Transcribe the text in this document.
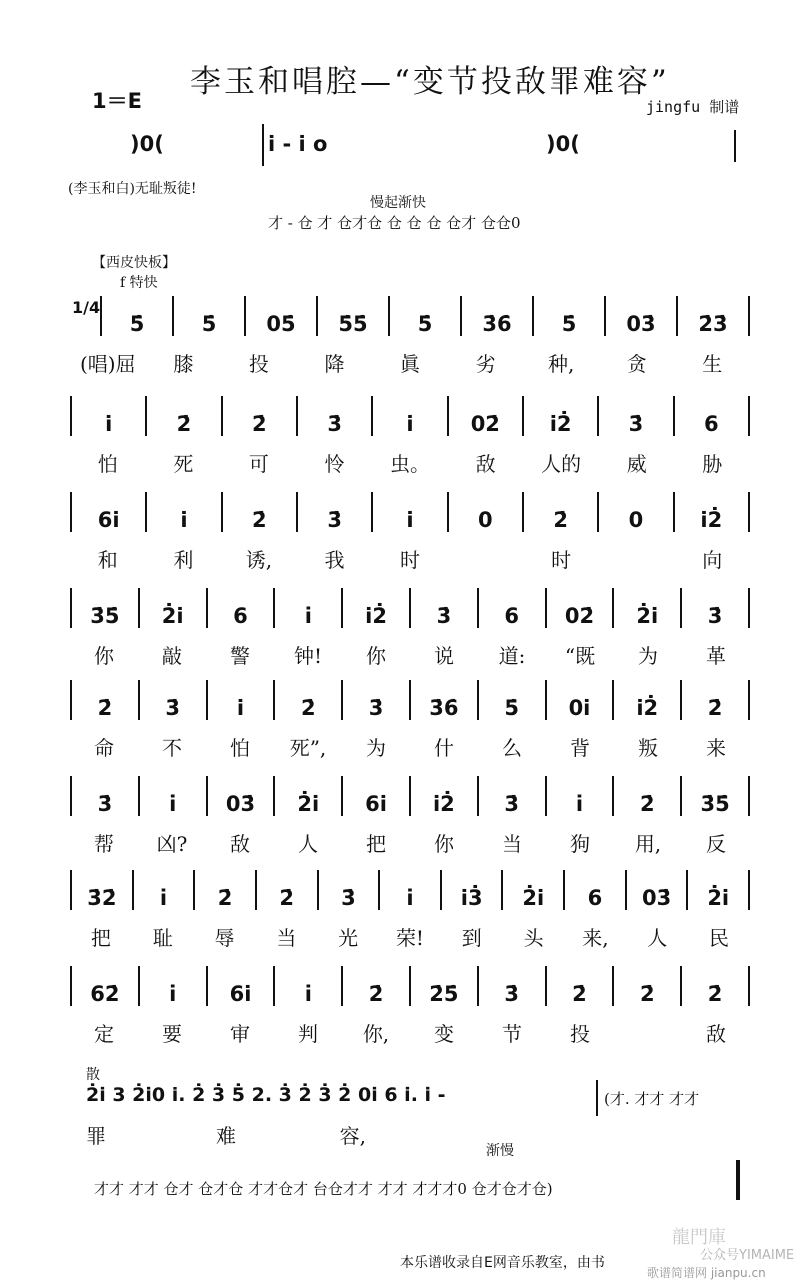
李玉和唱腔—“变节投敌罪难容”
1＝E	jingfu 制谱
)0(	i̇ - i̇ o	)0(
(李玉和白)无耻叛徒!
慢起渐快
才 - 仓 才 仓才仓 仓 仓 仓 仓才 仓仓0
【西皮快板】
f 特快
1/4
5̇	5̇	05̇	5̇5̇	5̇	3̇6̇	5̇	03̇	2̇3̇
(唱)屈	膝	投	降	眞	劣	种,	贪	生
i̇	2̇	2̇	3̇	i̇	02̇	i̇2̇	3̇	6
怕	死	可	怜	虫。	敌	人的	威	胁
6i̇	i̇	2̇	3̇	i̇	0	2̇	0	i̇2̇
和	利	诱,	我	时	时	向
3̇5̇	2̇i̇	6	i	i̇2̇	3̇	6	02̇	2̇i̇	3̇
你	敲	警	钟!	你	说	道:	“既	为	革
2̇	3̇	i̇	2̇	3̇	3̇6̇	5̇	0i̇	i̇2̇	2̇
命	不	怕	死”,	为	什	么	背	叛	来
3̇	i	03̇	2̇i̇	6i̇	i̇2̇	3̇	i	2̇	3̇5̇
帮	凶?	敌	人	把	你	当	狗	用,	反
3̇2̇	i	2̇	2̇	3̇	i	i̇3̇	2̇i̇	6	03̇	2̇i̇
把	耻	辱	当	光	荣!	到	头	来,	人	民
62̇	i	6i̇	i	2̇	2̇5̇	3̇	2̇	2̇	2̇
定	要	审	判	你,	变	节	投	敌
散
2̇i̇ 3 2̇i̇0 i. 2̇ 3̇ 5̇ 2. 3̇ 2̇ 3̇ 2̇ 0i̇ 6 i̇. i̇ -	(才. 才才 才才
罪	难	容,
渐慢
才才 才才 仓才 仓才仓 才才仓才 台仓才才 才才 才才才0 仓才仓才仓)
本乐谱收录自E网音乐教室，由书
龍門庫
公众号YIMAIME
歌谱简谱网 jianpu.cn
